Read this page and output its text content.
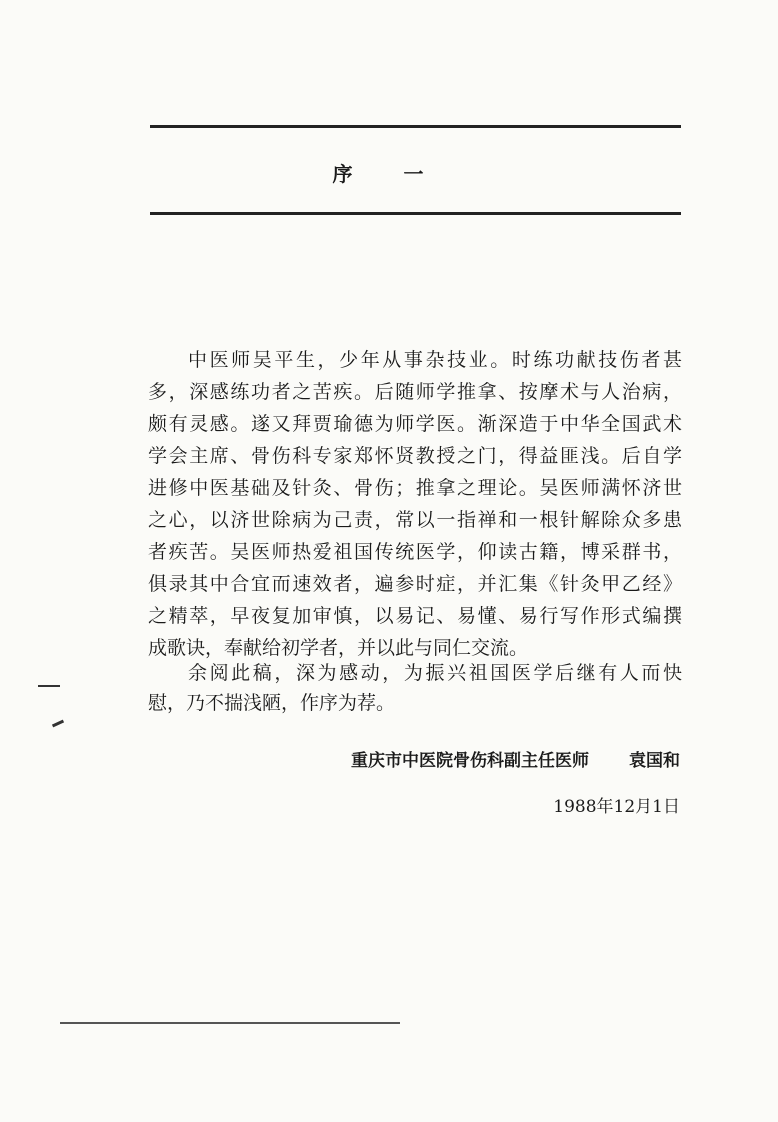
序 一
中医师吴平生，少年从事杂技业。时练功献技伤者甚
多，深感练功者之苦疾。后随师学推拿、按摩术与人治病，
颇有灵感。遂又拜贾瑜德为师学医。渐深造于中华全国武术
学会主席、骨伤科专家郑怀贤教授之门，得益匪浅。后自学
进修中医基础及针灸、骨伤；推拿之理论。吴医师满怀济世
之心，以济世除病为己责，常以一指禅和一根针解除众多患
者疾苦。吴医师热爱祖国传统医学，仰读古籍，博采群书，
俱录其中合宜而速效者，遍参时症，并汇集《针灸甲乙经》
之精萃，早夜复加审慎，以易记、易懂、易行写作形式编撰
成歌诀，奉献给初学者，并以此与同仁交流。
余阅此稿，深为感动，为振兴祖国医学后继有人而快
慰，乃不揣浅陋，作序为荐。
重庆市中医院骨伤科副主任医师 袁国和
1988年12月1日
